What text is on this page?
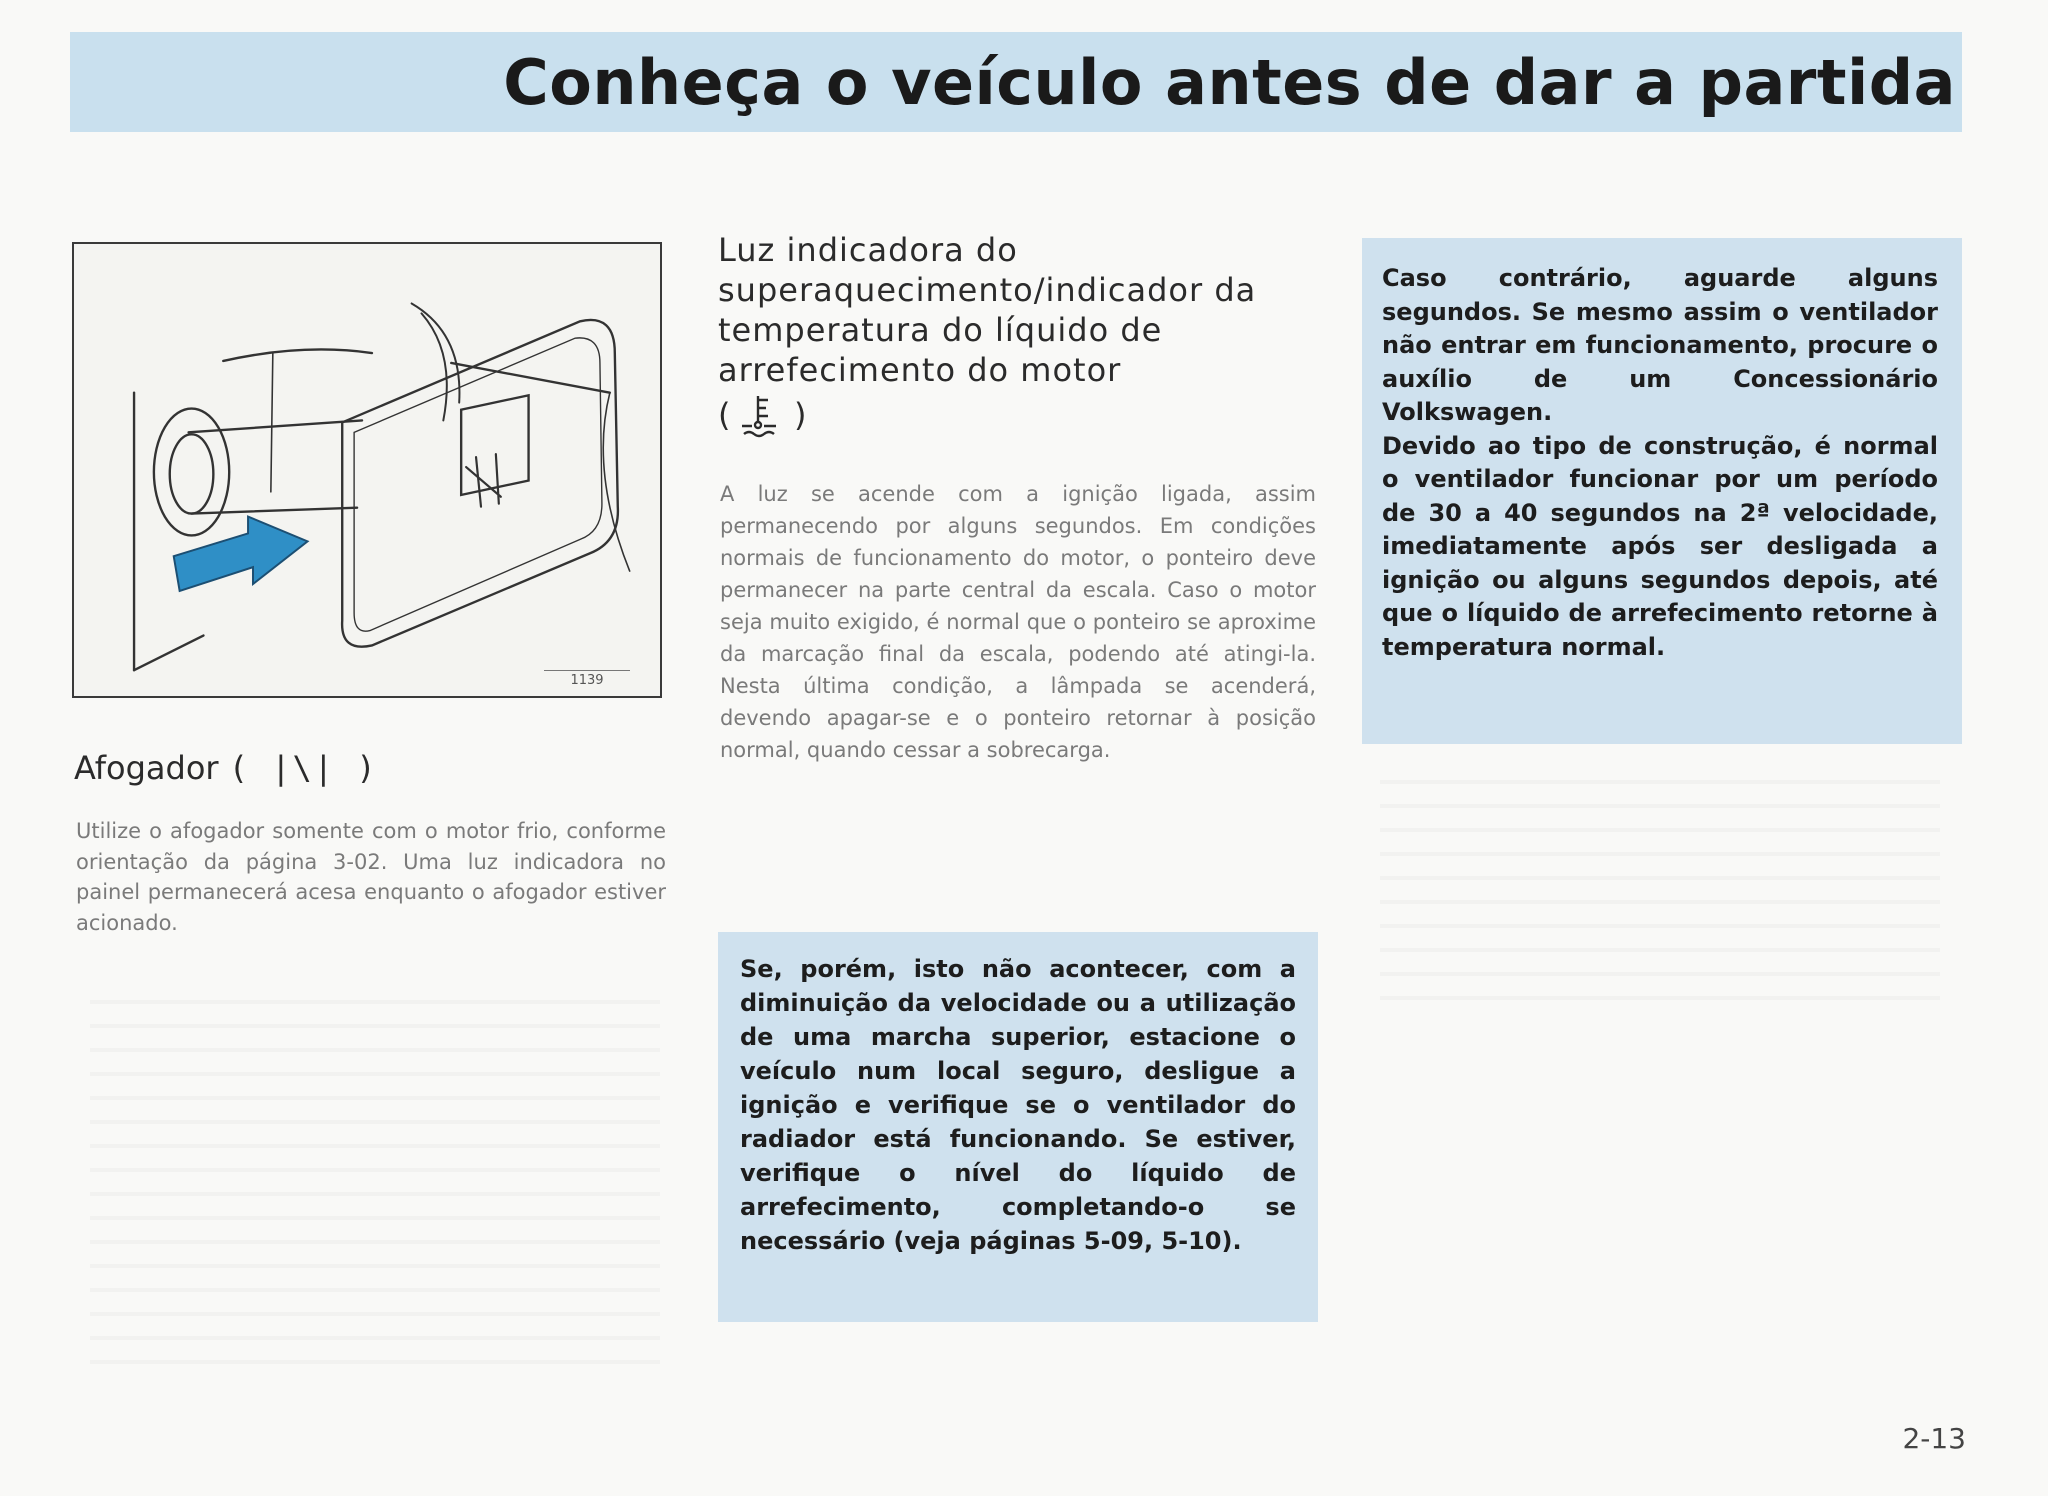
Conheça o veículo antes de dar a partida
1139
Afogador ( |\| )

Utilize o afogador somente com o motor frio, conforme orientação da página 3-02. Uma luz indicadora no painel permanecerá acesa enquanto o afogador estiver acionado.

Luz indicadora do superaquecimento/indicador da temperatura do líquido de arrefecimento do motor
( )

A luz se acende com a ignição ligada, assim permanecendo por alguns segundos. Em condições normais de funcionamento do motor, o ponteiro deve permanecer na parte central da escala. Caso o motor seja muito exigido, é normal que o ponteiro se aproxime da marcação final da escala, podendo até atingi-la. Nesta última condição, a lâmpada se acenderá, devendo apagar-se e o ponteiro retornar à posição normal, quando cessar a sobrecarga.

Se, porém, isto não acontecer, com a diminuição da velocidade ou a utilização de uma marcha superior, estacione o veículo num local seguro, desligue a ignição e verifique se o ventilador do radiador está funcionando. Se estiver, verifique o nível do líquido de arrefecimento, completando-o se necessário (veja páginas 5-09, 5-10).

Caso contrário, aguarde alguns segundos. Se mesmo assim o ventilador não entrar em funcionamento, procure o auxílio de um Concessionário Volkswagen.

Devido ao tipo de construção, é normal o ventilador funcionar por um período de 30 a 40 segundos na 2ª velocidade, imediatamente após ser desligada a ignição ou alguns segundos depois, até que o líquido de arrefecimento retorne à temperatura normal.

2-13
